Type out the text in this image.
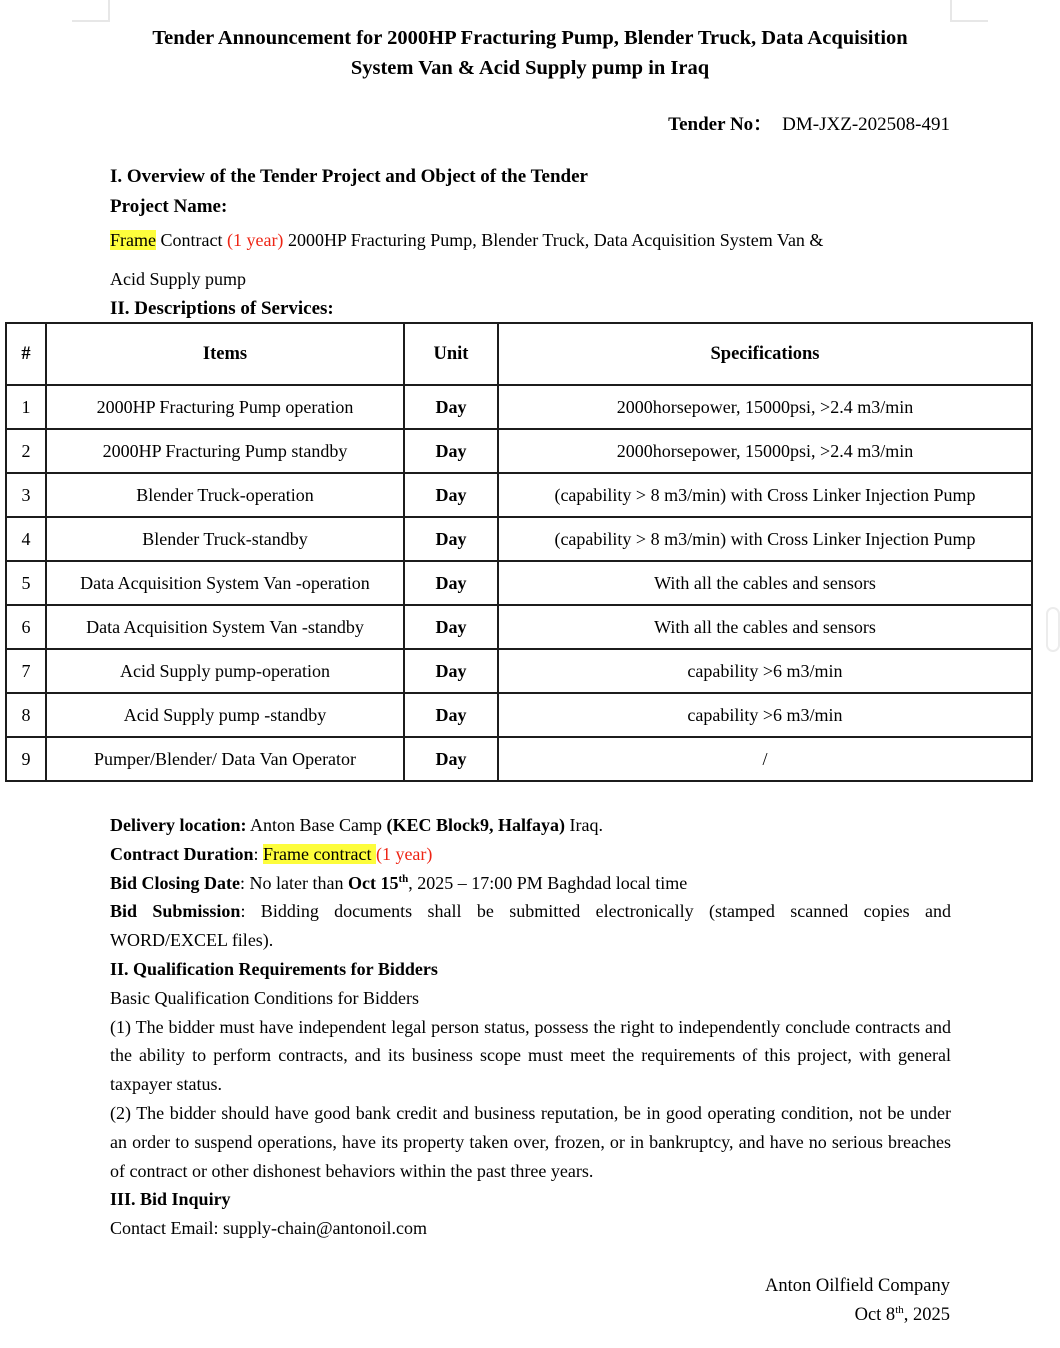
Tender Announcement for 2000HP Fracturing Pump, Blender Truck, Data Acquisition
System Van & Acid Supply pump in Iraq
Tender No： DM-JXZ-202508-491
I. Overview of the Tender Project and Object of the Tender
Project Name:
Frame Contract (1 year) 2000HP Fracturing Pump, Blender Truck, Data Acquisition System Van &
Acid Supply pump
II. Descriptions of Services:
#	Items	Unit	Specifications
1	2000HP Fracturing Pump operation	Day	2000horsepower, 15000psi, >2.4 m3/min
2	2000HP Fracturing Pump standby	Day	2000horsepower, 15000psi, >2.4 m3/min
3	Blender Truck-operation	Day	(capability > 8 m3/min) with Cross Linker Injection Pump
4	Blender Truck-standby	Day	(capability > 8 m3/min) with Cross Linker Injection Pump
5	Data Acquisition System Van -operation	Day	With all the cables and sensors
6	Data Acquisition System Van -standby	Day	With all the cables and sensors
7	Acid Supply pump-operation	Day	capability >6 m3/min
8	Acid Supply pump -standby	Day	capability >6 m3/min
9	Pumper/Blender/ Data Van Operator	Day	/

Delivery location: Anton Base Camp (KEC Block9, Halfaya) Iraq.

Contract Duration: Frame contract (1 year)

Bid Closing Date: No later than Oct 15th, 2025 – 17:00 PM Baghdad local time

Bid Submission: Bidding documents shall be submitted electronically (stamped scanned copies and WORD/EXCEL files).

II. Qualification Requirements for Bidders

Basic Qualification Conditions for Bidders

(1) The bidder must have independent legal person status, possess the right to independently conclude contracts and the ability to perform contracts, and its business scope must meet the requirements of this project, with general taxpayer status.

(2) The bidder should have good bank credit and business reputation, be in good operating condition, not be under an order to suspend operations, have its property taken over, frozen, or in bankruptcy, and have no serious breaches of contract or other dishonest behaviors within the past three years.

III. Bid Inquiry

Contact Email: supply-chain@antonoil.com

Anton Oilfield Company
Oct 8th, 2025
